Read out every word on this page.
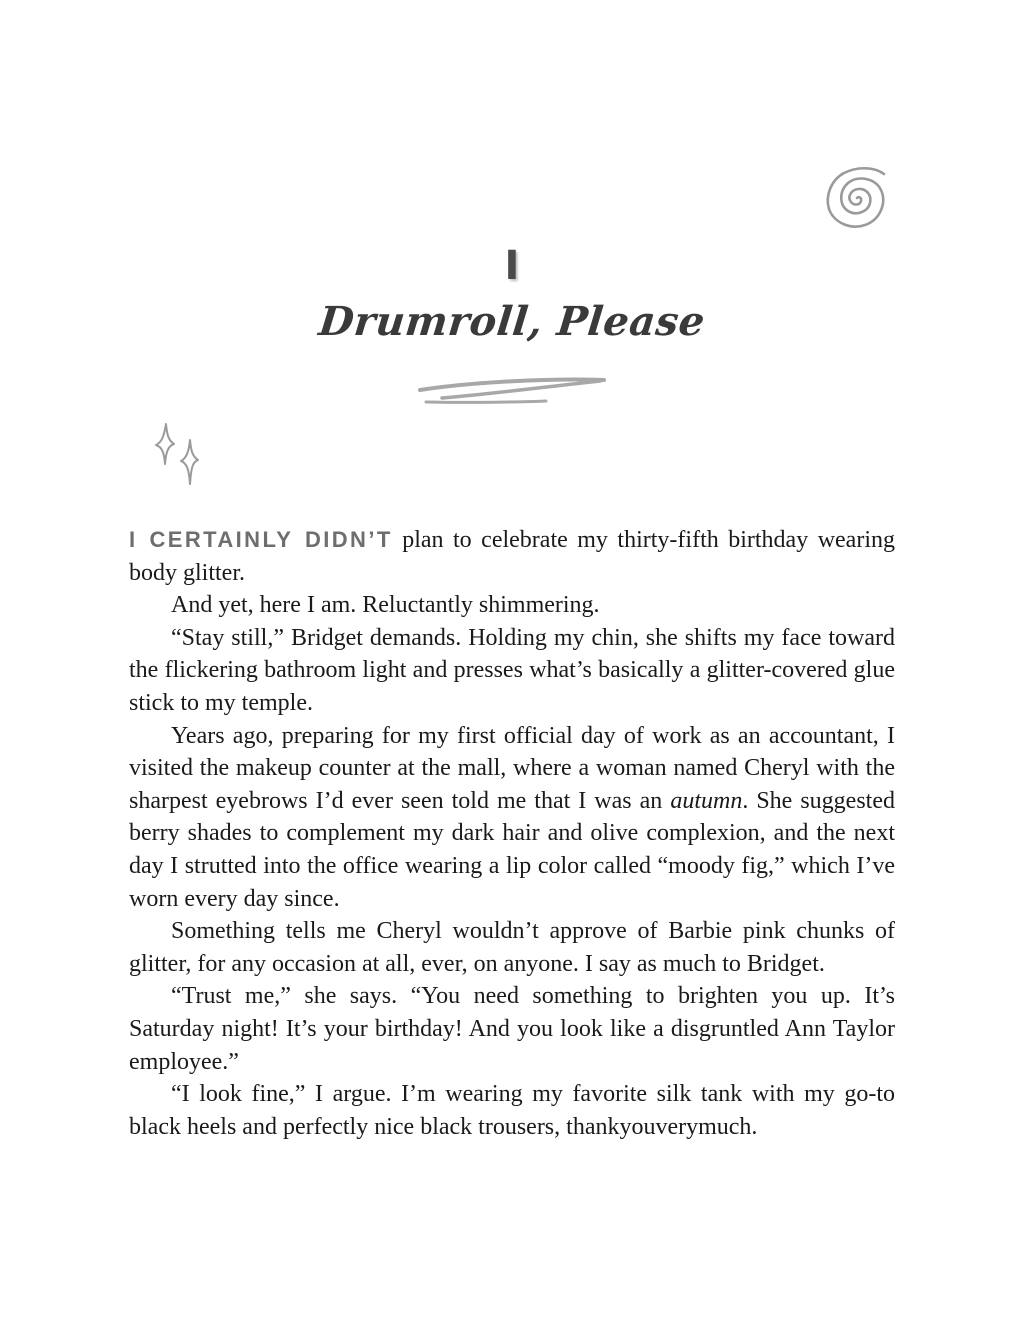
I
Drumroll, Please

I CERTAINLY DIDN’T plan to celebrate my thirty-fifth birthday wearing body glitter.

And yet, here I am. Reluctantly shimmering.

“Stay still,” Bridget demands. Holding my chin, she shifts my face toward the flickering bathroom light and presses what’s basically a glitter-covered glue stick to my temple.

Years ago, preparing for my first official day of work as an accountant, I visited the makeup counter at the mall, where a woman named Cheryl with the sharpest eyebrows I’d ever seen told me that I was an autumn. She suggested berry shades to complement my dark hair and olive complexion, and the next day I strutted into the office wearing a lip color called “moody fig,” which I’ve worn every day since.

Something tells me Cheryl wouldn’t approve of Barbie pink chunks of glitter, for any occasion at all, ever, on anyone. I say as much to Bridget.

“Trust me,” she says. “You need something to brighten you up. It’s Saturday night! It’s your birthday! And you look like a disgruntled Ann Taylor employee.”

“I look fine,” I argue. I’m wearing my favorite silk tank with my go-to black heels and perfectly nice black trousers, thankyouverymuch.
